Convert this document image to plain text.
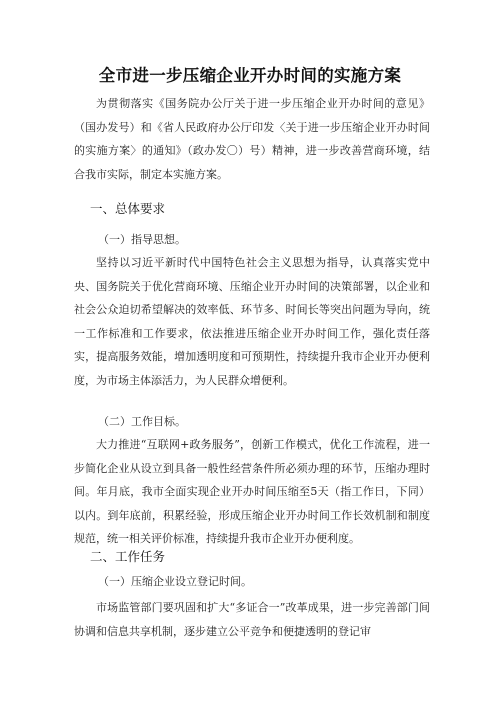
全市进一步压缩企业开办时间的实施方案
为贯彻落实《国务院办公厅关于进一步压缩企业开办时间的意见》（国办发号）和《省人民政府办公厅印发〈关于进一步压缩企业开办时间的实施方案〉的通知》（政办发〇）号）精神，进一步改善营商环境，结合我市实际，制定本实施方案。
一、总体要求
（一）指导思想。
坚持以习近平新时代中国特色社会主义思想为指导，认真落实党中央、国务院关于优化营商环境、压缩企业开办时间的决策部署，以企业和社会公众迫切希望解决的效率低、环节多、时间长等突出问题为导向，统一工作标准和工作要求，依法推进压缩企业开办时间工作，强化责任落实，提高服务效能，增加透明度和可预期性，持续提升我市企业开办便利度，为市场主体添活力，为人民群众增便利。
（二）工作目标。
大力推进“互联网+政务服务”，创新工作模式，优化工作流程，进一步简化企业从设立到具备一般性经营条件所必须办理的环节，压缩办理时间。年月底，我市全面实现企业开办时间压缩至5天（指工作日，下同）以内。到年底前，积累经验，形成压缩企业开办时间工作长效机制和制度规范，统一相关评价标准，持续提升我市企业开办便利度。
二、工作任务
（一）压缩企业设立登记时间。
市场监管部门要巩固和扩大“多证合一”改革成果，进一步完善部门间协调和信息共享机制，逐步建立公平竞争和便捷透明的登记审
